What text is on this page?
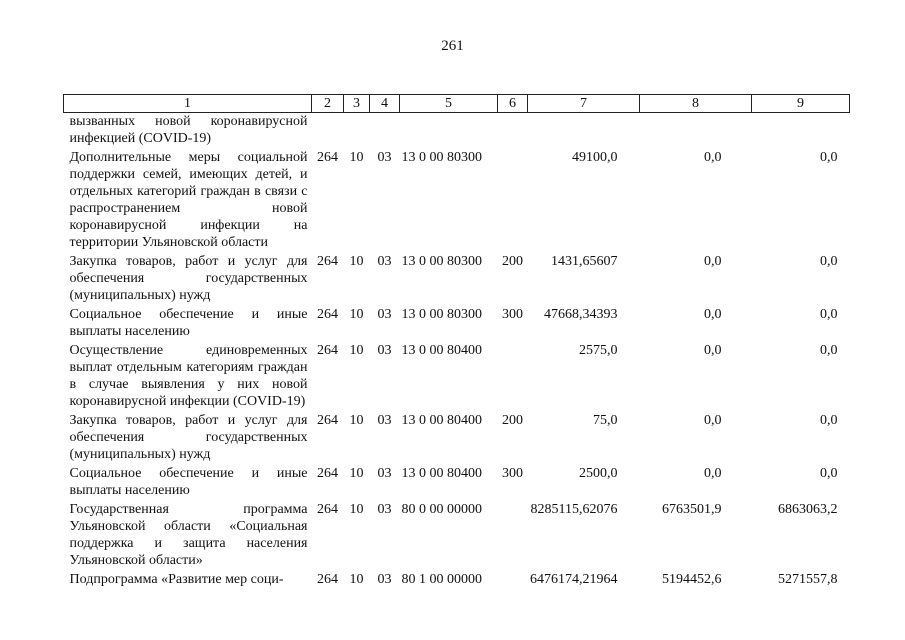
261
1	2	3	4	5	6	7	8	9
вызванных новой коронавирусной инфекцией (COVID-19)								
Дополнительные меры социальной поддержки семей, имеющих детей, и отдельных категорий граждан в связи с распространением новой коронавирусной инфекции на территории Ульяновской области	264	10	03	13 0 00 80300		49100,0	0,0	0,0
Закупка товаров, работ и услуг для обеспечения государственных (муниципальных) нужд	264	10	03	13 0 00 80300	200	1431,65607	0,0	0,0
Социальное обеспечение и иные выплаты населению	264	10	03	13 0 00 80300	300	47668,34393	0,0	0,0
Осуществление единовременных выплат отдельным категориям граждан в случае выявления у них новой коронавирусной инфекции (COVID-19)	264	10	03	13 0 00 80400		2575,0	0,0	0,0
Закупка товаров, работ и услуг для обеспечения государственных (муниципальных) нужд	264	10	03	13 0 00 80400	200	75,0	0,0	0,0
Социальное обеспечение и иные выплаты населению	264	10	03	13 0 00 80400	300	2500,0	0,0	0,0
Государственная программа Ульяновской области «Социальная поддержка и защита населения Ульяновской области»	264	10	03	80 0 00 00000		8285115,62076	6763501,9	6863063,2
Подпрограмма «Развитие мер соци-	264	10	03	80 1 00 00000		6476174,21964	5194452,6	5271557,8
